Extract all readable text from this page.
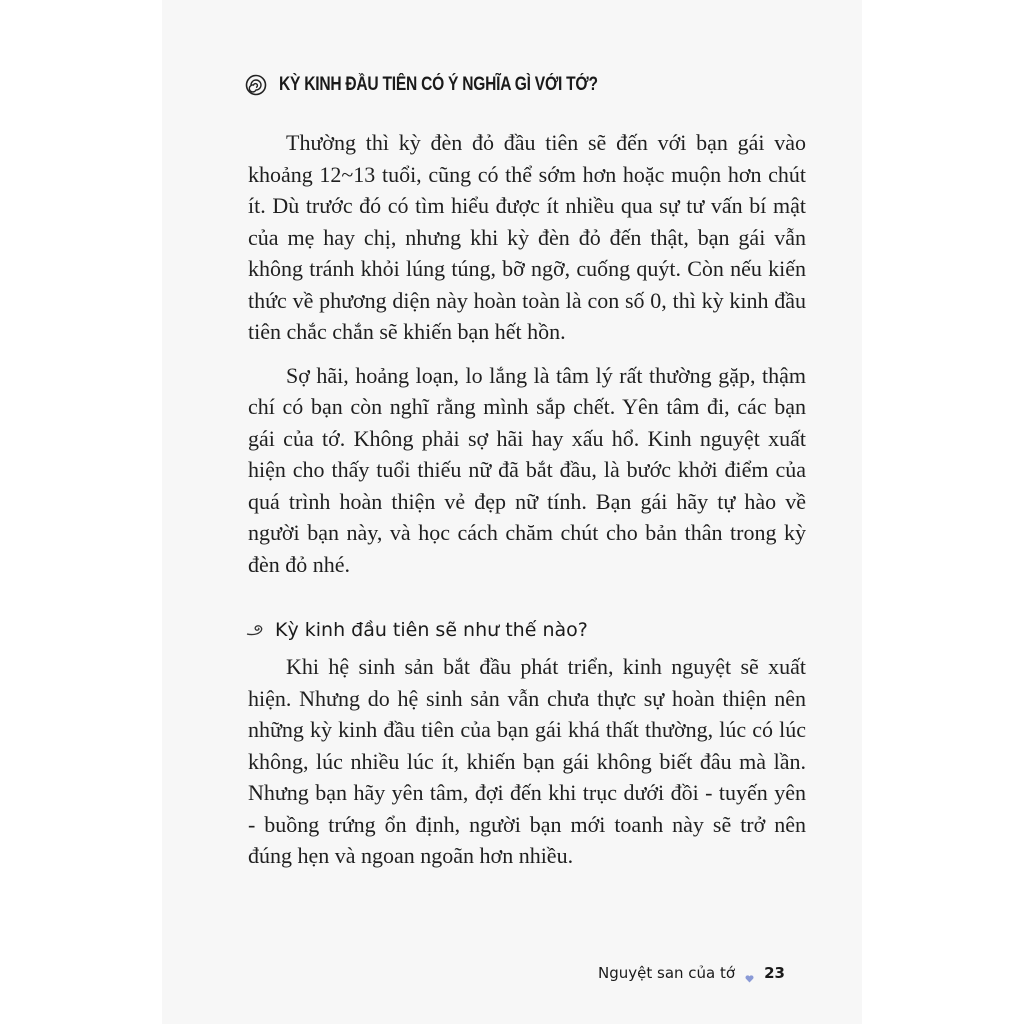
KỲ KINH ĐẦU TIÊN CÓ Ý NGHĨA GÌ VỚI TỚ?

Thường thì kỳ đèn đỏ đầu tiên sẽ đến với bạn gái vào khoảng 12~13 tuổi, cũng có thể sớm hơn hoặc muộn hơn chút ít. Dù trước đó có tìm hiểu được ít nhiều qua sự tư vấn bí mật của mẹ hay chị, nhưng khi kỳ đèn đỏ đến thật, bạn gái vẫn không tránh khỏi lúng túng, bỡ ngỡ, cuống quýt. Còn nếu kiến thức về phương diện này hoàn toàn là con số 0, thì kỳ kinh đầu tiên chắc chắn sẽ khiến bạn hết hồn.

Sợ hãi, hoảng loạn, lo lắng là tâm lý rất thường gặp, thậm chí có bạn còn nghĩ rằng mình sắp chết. Yên tâm đi, các bạn gái của tớ. Không phải sợ hãi hay xấu hổ. Kinh nguyệt xuất hiện cho thấy tuổi thiếu nữ đã bắt đầu, là bước khởi điểm của quá trình hoàn thiện vẻ đẹp nữ tính. Bạn gái hãy tự hào về người bạn này, và học cách chăm chút cho bản thân trong kỳ đèn đỏ nhé.

Kỳ kinh đầu tiên sẽ như thế nào?

Khi hệ sinh sản bắt đầu phát triển, kinh nguyệt sẽ xuất hiện. Nhưng do hệ sinh sản vẫn chưa thực sự hoàn thiện nên những kỳ kinh đầu tiên của bạn gái khá thất thường, lúc có lúc không, lúc nhiều lúc ít, khiến bạn gái không biết đâu mà lần. Nhưng bạn hãy yên tâm, đợi đến khi trục dưới đồi - tuyến yên - buồng trứng ổn định, người bạn mới toanh này sẽ trở nên đúng hẹn và ngoan ngoãn hơn nhiều.

Nguyệt san của tớ 23
